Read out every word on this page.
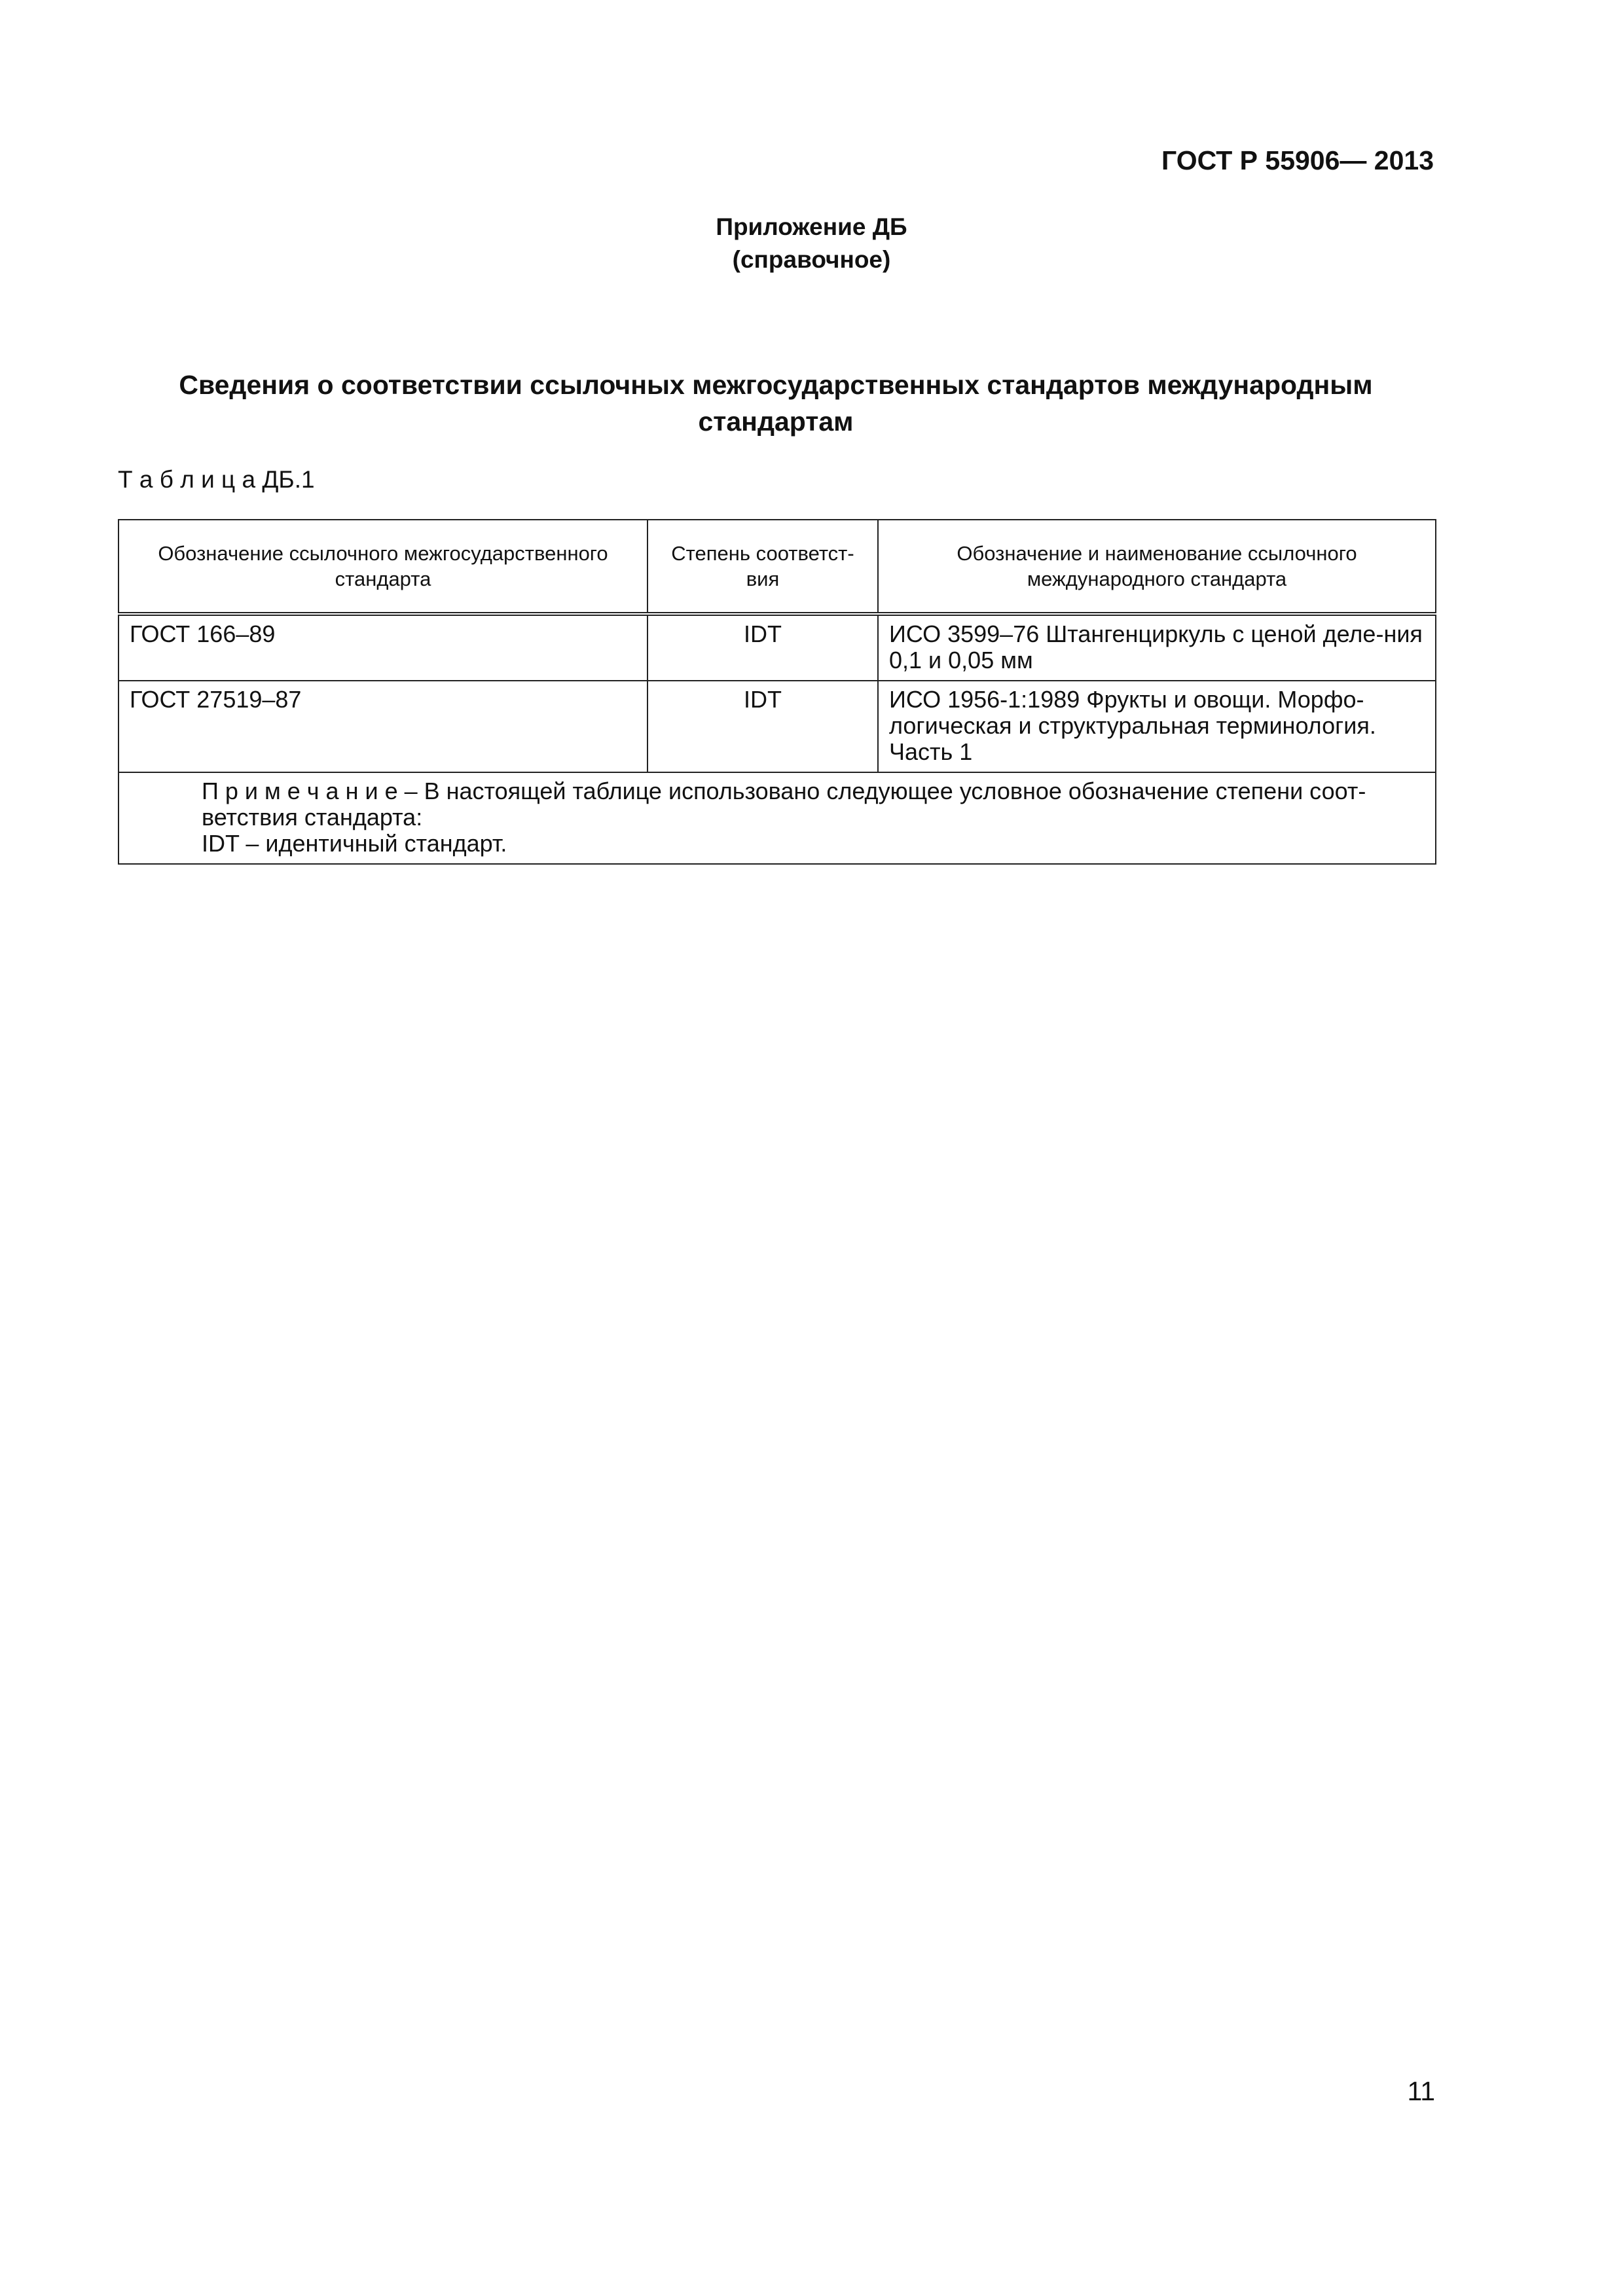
ГОСТ Р 55906— 2013
Приложение ДБ
(справочное)
Сведения о соответствии ссылочных межгосударственных стандартов международным
стандартам
Т а б л и ц а ДБ.1
Обозначение ссылочного межгосударственного стандарта	Степень соответст-вия	Обозначение и наименование ссылочного международного стандарта
ГОСТ 166–89	IDT	ИСО 3599–76 Штангенциркуль с ценой деле-ния 0,1 и 0,05 мм
ГОСТ 27519–87	IDT	ИСО 1956-1:1989 Фрукты и овощи. Морфо-логическая и структуральная терминология. Часть 1

П р и м е ч а н и е – В настоящей таблице использовано следующее условное обозначение степени соот-ветствия стандарта:
IDT – идентичный стандарт.		
11
